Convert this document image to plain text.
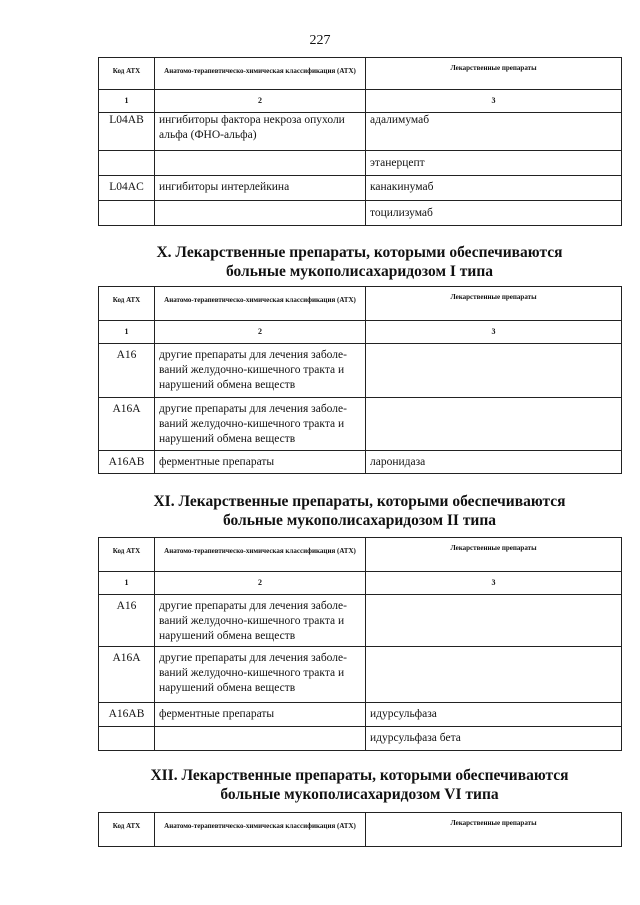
227
Код АТХ	Анатомо-терапевтическо-химическая классификация (АТХ)	Лекарственные препараты
1	2	3
L04AB	ингибиторы фактора некроза опухоли альфа (ФНО-альфа)	адалимумаб
		этанерцепт
L04AC	ингибиторы интерлейкина	канакинумаб
		тоцилизумаб
X. Лекарственные препараты, которыми обеспечиваются
больные мукополисахаридозом I типа
Код АТХ	Анатомо-терапевтическо-химическая классификация (АТХ)	Лекарственные препараты
1	2	3
A16	другие препараты для лечения заболе- ваний желудочно-кишечного тракта и нарушений обмена веществ	
A16A	другие препараты для лечения заболе- ваний желудочно-кишечного тракта и нарушений обмена веществ	
A16AB	ферментные препараты	ларонидаза
XI. Лекарственные препараты, которыми обеспечиваются
больные мукополисахаридозом II типа
Код АТХ	Анатомо-терапевтическо-химическая классификация (АТХ)	Лекарственные препараты
1	2	3
A16	другие препараты для лечения заболе- ваний желудочно-кишечного тракта и нарушений обмена веществ	
A16A	другие препараты для лечения заболе- ваний желудочно-кишечного тракта и нарушений обмена веществ	
A16AB	ферментные препараты	идурсульфаза
		идурсульфаза бета
XII. Лекарственные препараты, которыми обеспечиваются
больные мукополисахаридозом VI типа
Код АТХ	Анатомо-терапевтическо-химическая классификация (АТХ)	Лекарственные препараты
